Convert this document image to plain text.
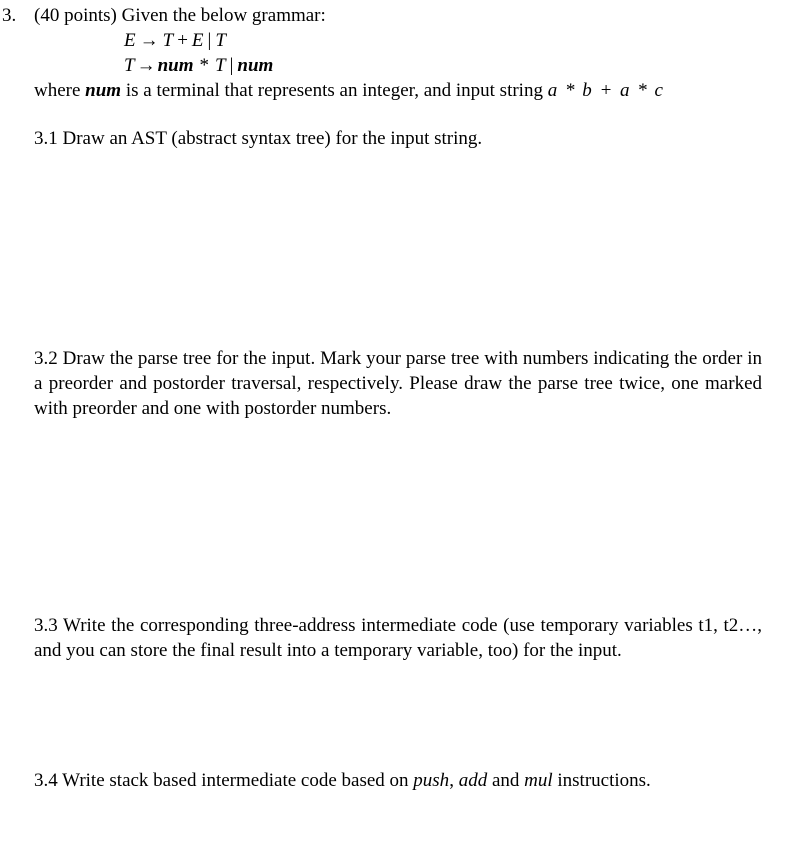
3. (40 points) Given the below grammar:
E → T + E | T
T → num * T | num
where num is a terminal that represents an integer, and input string a * b + a * c
3.1 Draw an AST (abstract syntax tree) for the input string.
3.2 Draw the parse tree for the input. Mark your parse tree with numbers indicating the order in a preorder and postorder traversal, respectively. Please draw the parse tree twice, one marked with preorder and one with postorder numbers.
3.3 Write the corresponding three-address intermediate code (use temporary variables t1, t2…, and you can store the final result into a temporary variable, too) for the input.
3.4 Write stack based intermediate code based on push, add and mul instructions.
